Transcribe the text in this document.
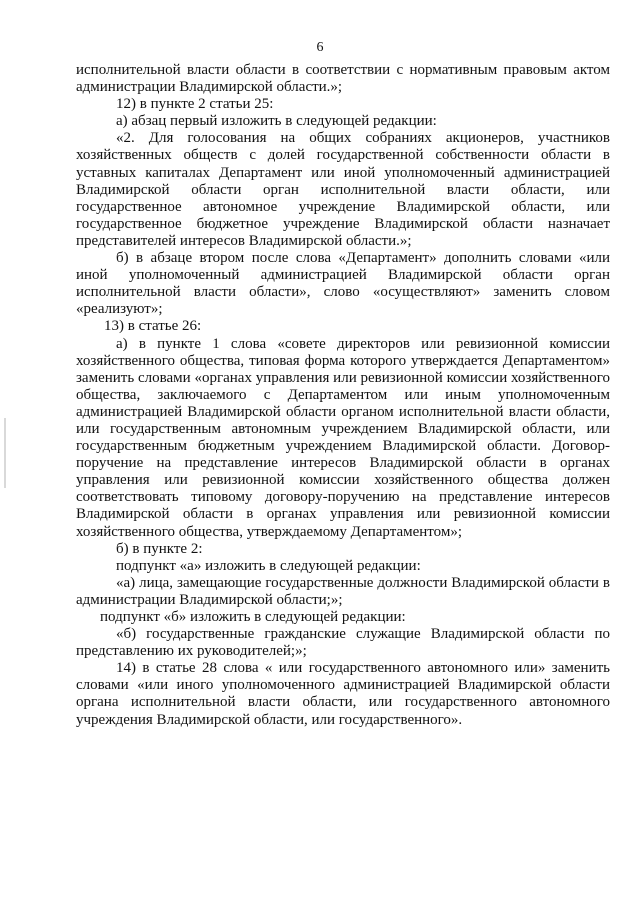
6

исполнительной власти области в соответствии с нормативным правовым актом администрации Владимирской области.»;

12) в пункте 2 статьи 25:

а) абзац первый изложить в следующей редакции:

«2. Для голосования на общих собраниях акционеров, участников хозяйственных обществ с долей государственной собственности области в уставных капиталах Департамент или иной уполномоченный администрацией Владимирской области орган исполнительной власти области, или государственное автономное учреждение Владимирской области, или государственное бюджетное учреждение Владимирской области назначает представителей интересов Владимирской области.»;

б) в абзаце втором после слова «Департамент» дополнить словами «или иной уполномоченный администрацией Владимирской области орган исполнительной власти области», слово «осуществляют» заменить словом «реализуют»;

13) в статье 26:

а) в пункте 1 слова «совете директоров или ревизионной комиссии хозяйственного общества, типовая форма которого утверждается Департаментом» заменить словами «органах управления или ревизионной комиссии хозяйственного общества, заключаемого с Департаментом или иным уполномоченным администрацией Владимирской области органом исполнительной власти области, или государственным автономным учреждением Владимирской области, или государственным бюджетным учреждением Владимирской области. Договор-поручение на представление интересов Владимирской области в органах управления или ревизионной комиссии хозяйственного общества должен соответствовать типовому договору-поручению на представление интересов Владимирской области в органах управления или ревизионной комиссии хозяйственного общества, утверждаемому Департаментом»;

б) в пункте 2:

подпункт «а» изложить в следующей редакции:

«а) лица, замещающие государственные должности Владимирской области в администрации Владимирской области;»;

подпункт «б» изложить в следующей редакции:

«б) государственные гражданские служащие Владимирской области по представлению их руководителей;»;

14) в статье 28 слова « или государственного автономного или» заменить словами «или иного уполномоченного администрацией Владимирской области органа исполнительной власти области, или государственного автономного учреждения Владимирской области, или государственного».
